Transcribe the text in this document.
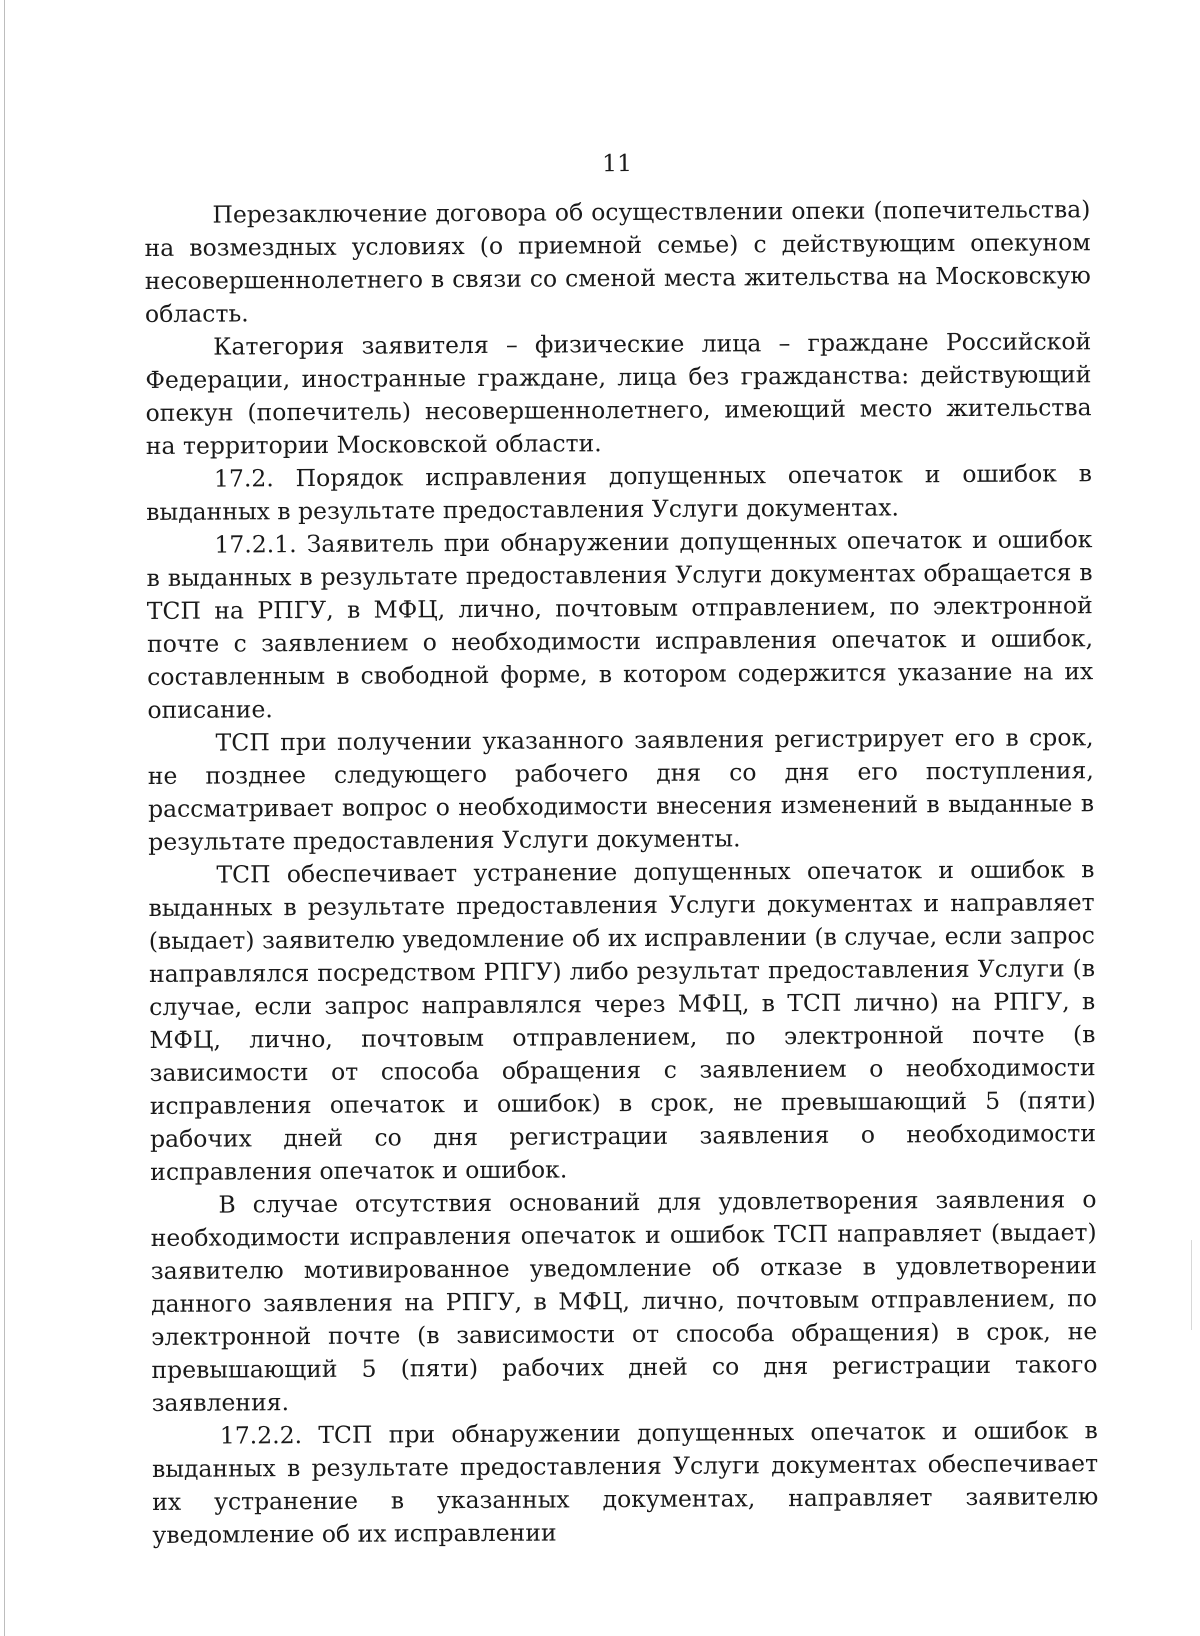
11

Перезаключение договора об осуществлении опеки (попечительства) на возмездных условиях (о приемной семье) с действующим опекуном несовершеннолетнего в связи со сменой места жительства на Московскую область.

Категория заявителя – физические лица – граждане Российской Федерации, иностранные граждане, лица без гражданства: действующий опекун (попечитель) несовершеннолетнего, имеющий место жительства на территории Московской области.

17.2. Порядок исправления допущенных опечаток и ошибок в выданных в результате предоставления Услуги документах.

17.2.1. Заявитель при обнаружении допущенных опечаток и ошибок в выданных в результате предоставления Услуги документах обращается в ТСП на РПГУ, в МФЦ, лично, почтовым отправлением, по электронной почте с заявлением о необходимости исправления опечаток и ошибок, составленным в свободной форме, в котором содержится указание на их описание.

ТСП при получении указанного заявления регистрирует его в срок, не позднее следующего рабочего дня со дня его поступления, рассматривает вопрос о необходимости внесения изменений в выданные в результате предоставления Услуги документы.

ТСП обеспечивает устранение допущенных опечаток и ошибок в выданных в результате предоставления Услуги документах и направляет (выдает) заявителю уведомление об их исправлении (в случае, если запрос направлялся посредством РПГУ) либо результат предоставления Услуги (в случае, если запрос направлялся через МФЦ, в ТСП лично) на РПГУ, в МФЦ, лично, почтовым отправлением, по электронной почте (в зависимости от способа обращения с заявлением о необходимости исправления опечаток и ошибок) в срок, не превышающий 5 (пяти) рабочих дней со дня регистрации заявления о необходимости исправления опечаток и ошибок.

В случае отсутствия оснований для удовлетворения заявления о необходимости исправления опечаток и ошибок ТСП направляет (выдает) заявителю мотивированное уведомление об отказе в удовлетворении данного заявления на РПГУ, в МФЦ, лично, почтовым отправлением, по электронной почте (в зависимости от способа обращения) в срок, не превышающий 5 (пяти) рабочих дней со дня регистрации такого заявления.

17.2.2. ТСП при обнаружении допущенных опечаток и ошибок в выданных в результате предоставления Услуги документах обеспечивает их устранение в указанных документах, направляет заявителю уведомление об их исправлении
